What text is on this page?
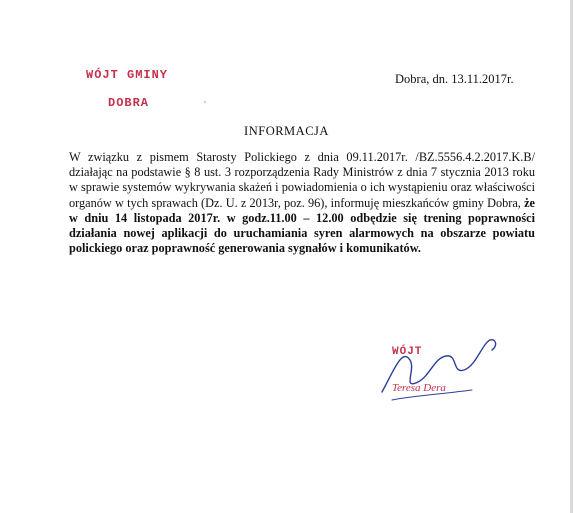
WÓJT GMINY
DOBRA	'
Dobra, dn. 13.11.2017r.
INFORMACJA
W związku z pismem Starosty Polickiego z dnia 09.11.2017r. /BZ.5556.4.2.2017.K.B/ działając na podstawie § 8 ust. 3 rozporządzenia Rady Ministrów z dnia 7 stycznia 2013 roku w sprawie systemów wykrywania skażeń i powiadomienia o ich wystąpieniu oraz właściwości organów w tych sprawach (Dz. U. z 2013r, poz. 96), informuję mieszkańców gminy Dobra, że w dniu 14 listopada 2017r. w godz.11.00 – 12.00 odbędzie się trening poprawności działania nowej aplikacji do uruchamiania syren alarmowych na obszarze powiatu polickiego oraz poprawność generowania sygnałów i komunikatów.
WÓJT
Teresa Dera
